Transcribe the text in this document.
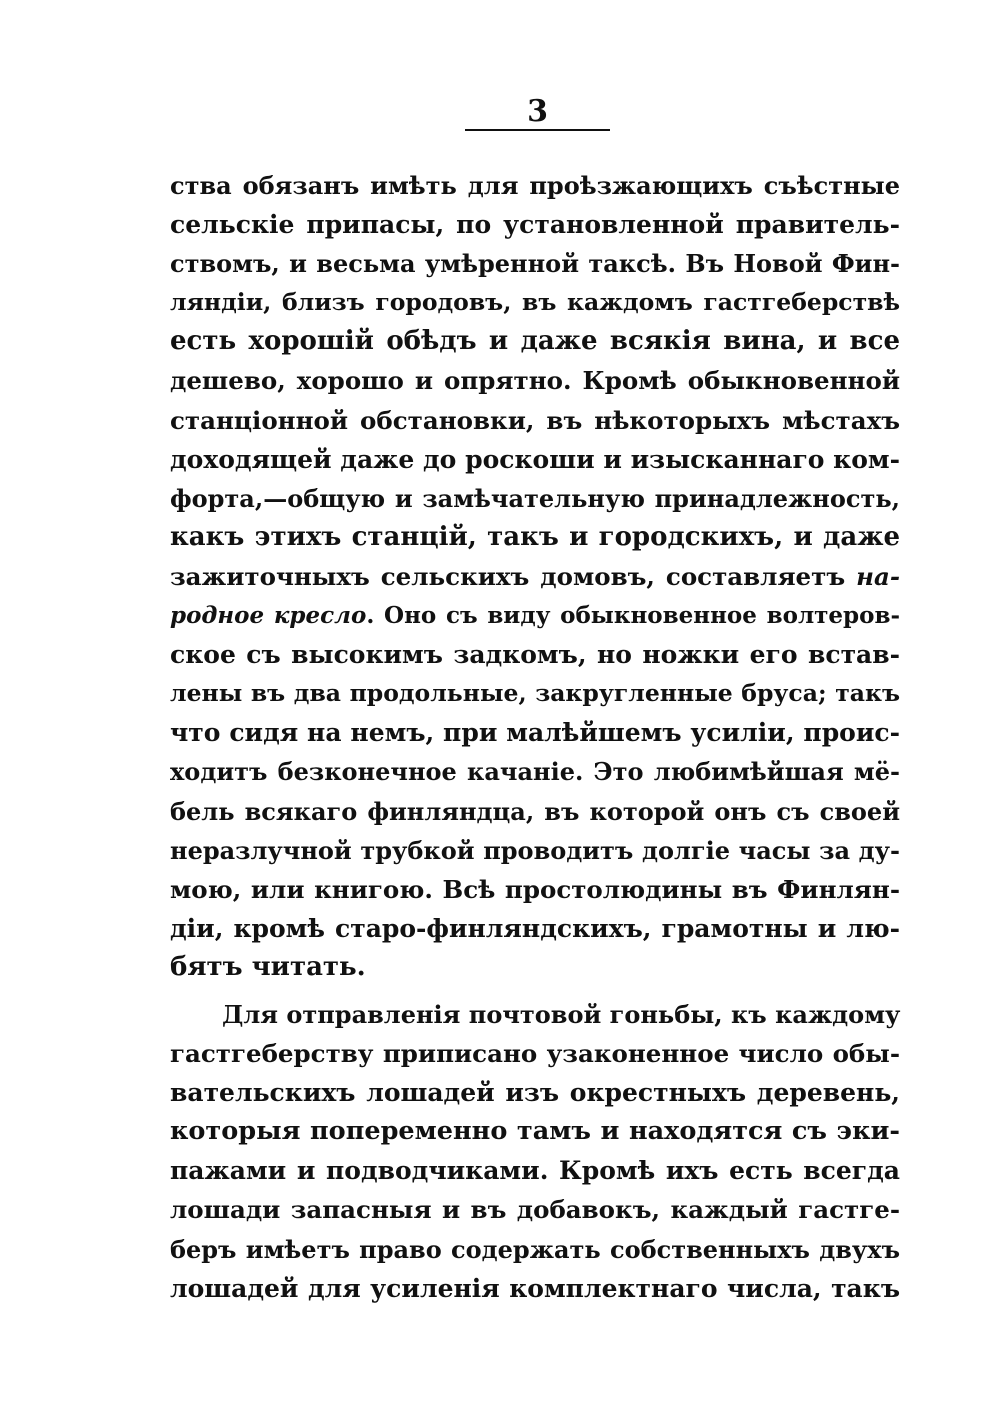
3
ства обязанъ имѣть для проѣзжающихъ съѣстные
сельскіе припасы, по установленной правитель-
ствомъ, и весьма умѣренной таксѣ. Въ Новой Фин-
ляндіи, близъ городовъ, въ каждомъ гастгеберствѣ
есть хорошій обѣдъ и даже всякія вина, и все
дешево, хорошо и опрятно. Кромѣ обыкновенной
станціонной обстановки, въ нѣкоторыхъ мѣстахъ
доходящей даже до роскоши и изысканнаго ком-
форта,—общую и замѣчательную принадлежность,
какъ этихъ станцій, такъ и городскихъ, и даже
зажиточныхъ сельскихъ домовъ, составляетъ на-
родное кресло. Оно съ виду обыкновенное волтеров-
ское съ высокимъ задкомъ, но ножки его встав-
лены въ два продольные, закругленные бруса; такъ
что сидя на немъ, при малѣйшемъ усиліи, проис-
ходитъ безконечное качаніе. Это любимѣйшая мё-
бель всякаго финляндца, въ которой онъ съ своей
неразлучной трубкой проводитъ долгіе часы за ду-
мою, или книгою. Всѣ простолюдины въ Финлян-
діи, кромѣ старо-финляндскихъ, грамотны и лю-
бятъ читать.
Для отправленія почтовой гоньбы, къ каждому
гастгеберству приписано узаконенное число обы-
вательскихъ лошадей изъ окрестныхъ деревень,
которыя попеременно тамъ и находятся съ эки-
пажами и подводчиками. Кромѣ ихъ есть всегда
лошади запасныя и въ добавокъ, каждый гастге-
беръ имѣетъ право содержать собственныхъ двухъ
лошадей для усиленія комплектнаго числа, такъ
